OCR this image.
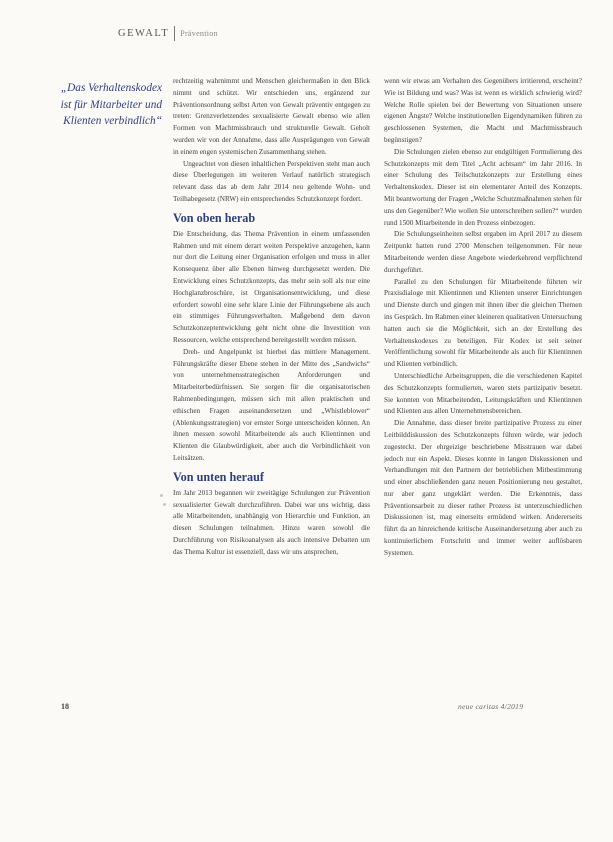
GEWALT Prävention
„Das Verhaltenskodex ist für Mitarbeiter und Klienten verbindlich“

rechtzeitig wahrnimmt und Menschen gleichermaßen in den Blick nimmt und schützt. Wir entschieden uns, ergänzend zur Präventionsordnung selbst Arten von Gewalt präventiv entgegen zu treten: Grenzverletzendes sexualisierte Gewalt ebenso wie allen Formen von Machtmissbrauch und strukturelle Gewalt. Geholt wurden wir von der Annahme, dass alle Ausprägungen von Gewalt in einem engen systemischen Zusammenhang stehen.

Ungeachtet von diesen inhaltlichen Perspektiven steht man auch diese Überlegungen im weiteren Verlauf natürlich strategisch relevant dass das ab dem Jahr 2014 neu geltende Wohn- und Teilhabegesetz (NRW) ein entsprechendes Schutzkonzept fordert.

Von oben herab

Die Entscheidung, das Thema Prävention in einem umfassenden Rahmen und mit einem derart weiten Perspektive anzugehen, kann nur dort die Leitung einer Organisation erfolgen und muss in aller Konsequenz über alle Ebenen hinweg durchgesetzt werden. Die Entwicklung eines Schutzkonzepts, das mehr sein soll als nur eine Hochglanzbroschüre, ist Organisationsentwicklung, und diese erfordert sowohl eine sehr klare Linie der Führungsebene als auch ein stimmiges Führungsverhalten. Maßgebend dem davon Schutzkonzeptentwicklung geht nicht ohne die Investition von Ressourcen, welche entsprechend bereitgestellt werden müssen.

Dreh- und Angelpunkt ist hierbei das mittlere Management. Führungskräfte dieser Ebene stehen in der Mitte des „Sandwichs“ von unternehmensstrategischen Anforderungen und Mitarbeiterbedürfnissen. Sie sorgen für die organisatorischen Rahmenbedingungen, müssen sich mit allen praktischen und ethischen Fragen auseinandersetzen und „Whistleblower“ (Ablenkungsstrategien) vor ernster Sorge unterscheiden können. An ihnen messen sowohl Mitarbeitende als auch Klientinnen und Klienten die Glaubwürdigkeit, aber auch die Verbindlichkeit von Leitsätzen.

Von unten herauf

Im Jahr 2013 begannen wir zweitägige Schulungen zur Prävention sexualisierter Gewalt durchzuführen. Dabei war uns wichtig, dass alle Mitarbeitenden, unabhängig von Hierarchie und Funktion, an diesen Schulungen teilnahmen. Hinzu waren sowohl die Durchführung von Risikoanalysen als auch intensive Debatten um das Thema Kultur ist essenziell, dass wir uns ansprechen,

wenn wir etwas am Verhalten des Gegenübers irritierend, erscheint? Wie ist Bildung und was? Was ist wenn es wirklich schwierig wird? Welche Rolle spielen bei der Bewertung von Situationen unsere eigenen Ängste? Welche institutionellen Eigendynamiken führen zu geschlossenen Systemen, die Macht und Machtmissbrauch begünstigen?

Die Schulungen zielen ebenso zur endgültigen Formulierung des Schutzkonzepts mit dem Titel „Acht achtsam“ im Jahr 2016. In einer Schulung des Teilschutzkonzepts zur Erstellung eines Verhaltenskodex. Dieser ist ein elementarer Anteil des Konzepts. Mit beantwortung der Fragen „Welche Schutzmaßnahmen stehen für uns den Gegenüber? Wie wollen Sie unterschreiben sollen?“ wurden rund 1500 Mitarbeitende in den Prozess einbezogen.

Die Schulungseinheiten selbst ergaben im April 2017 zu diesem Zeitpunkt hatten rund 2700 Menschen teilgenommen. Für neue Mitarbeitende werden diese Angebote wiederkehrend verpflichtend durchgeführt.

Parallel zu den Schulungen für Mitarbeitende führten wir Praxisdialoge mit Klientinnen und Klienten unserer Einrichtungen und Dienste durch und gingen mit ihnen über die gleichen Themen ins Gespräch. Im Rahmen einer kleineren qualitativen Untersuchung hatten auch sie die Möglichkeit, sich an der Erstellung des Verhaltenskodexes zu beteiligen. Für Kodex ist seit seiner Veröffentlichung sowohl für Mitarbeitende als auch für Klientinnen und Klienten verbindlich.

Unterschiedliche Arbeitsgruppen, die die verschiedenen Kapitel des Schutzkonzepts formulierten, waren stets partizipativ besetzt. Sie konnten von Mitarbeitenden, Leitungskräften und Klientinnen und Klienten aus allen Unternehmensbereichen.

Die Annahme, dass dieser breite partizipative Prozess zu einer Leitbilddiskussion des Schutzkonzepts führen würde, war jedoch zugesteckt. Der ehrgeizige beschriebene Misstrauen war dabei jedoch nur ein Aspekt. Dieses konnte in langen Diskussionen und Verhandlungen mit den Partnern der betrieblichen Mitbestimmung und einer abschließenden ganz neuen Positionierung neu gestaltet, nur aber ganz ungeklärt werden. Die Erkenntnis, dass Präventionsarbeit zu dieser rather Prozess ist unterzuschiedlichen Diskussionen ist, mag einerseits ermüdend wirken. Andererseits führt da an hinreichende kritische Auseinandersetzung aber auch zu kontinuierlichem Fortschritt und immer weiter auflösbaren Systemen.

18	neue caritas 4/2019
